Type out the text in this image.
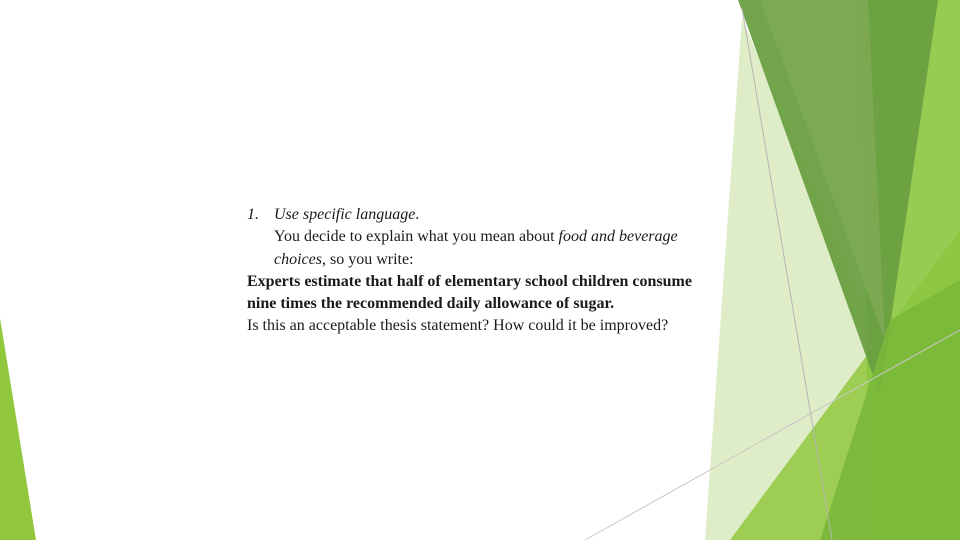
1. Use specific language.

You decide to explain what you mean about food and beverage choices, so you write:

Experts estimate that half of elementary school children consume nine times the recommended daily allowance of sugar.

Is this an acceptable thesis statement? How could it be improved?
